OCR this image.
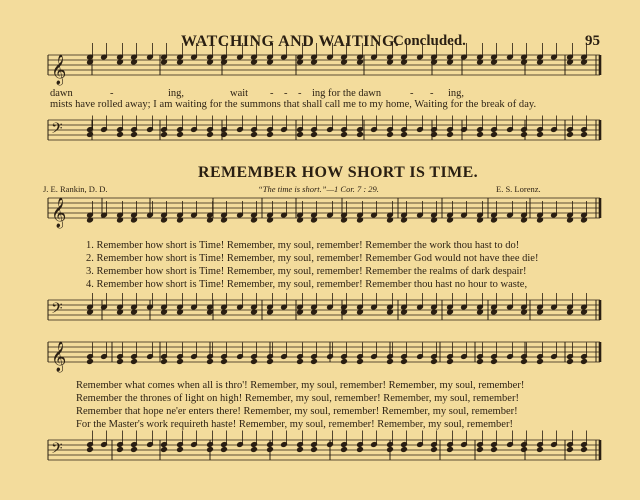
𝄞
𝄢
𝄞
𝄢
𝄞
𝄢
WATCHING AND WAITING.
Concluded.	95
dawn	-	ing,	wait - - - ing for the dawn	- - ing,
mists have rolled away; I am waiting for the summons that shall call me to my home, Waiting for the break of day.
REMEMBER HOW SHORT IS TIME.
J. E. Rankin, D. D.	“The time is short.”—1 Cor. 7 : 29.	E. S. Lorenz.
1. Remember how short is Time! Remember, my soul, remember! Remember the work thou hast to do!
2. Remember how short is Time! Remember, my soul, remember! Remember God would not have thee die!
3. Remember how short is Time! Remember, my soul, remember! Remember the realms of dark despair!
4. Remember how short is Time! Remember, my soul, remember! Remember thou hast no hour to waste,
Remember what comes when all is thro'! Remember, my soul, remember! Remember, my soul, remember!
Remember the thrones of light on high! Remember, my soul, remember! Remember, my soul, remember!
Remember that hope ne'er enters there! Remember, my soul, remember! Remember, my soul, remember!
For the Master's work requireth haste! Remember, my soul, remember! Remember, my soul, remember!
